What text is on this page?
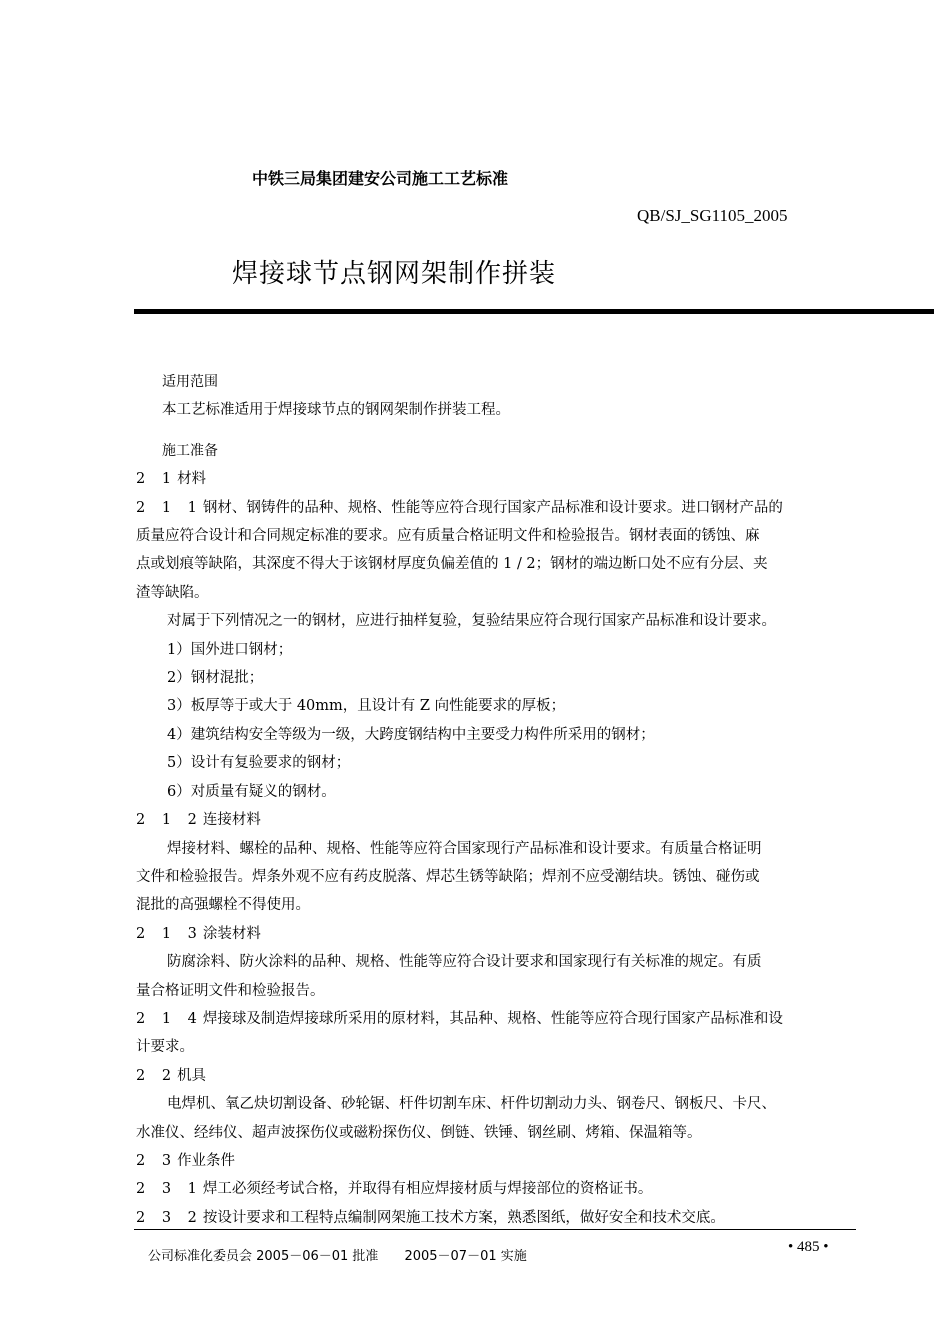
中铁三局集团建安公司施工工艺标准
QB/SJ_SG1105_2005
焊接球节点钢网架制作拼装
适用范围
本工艺标准适用于焊接球节点的钢网架制作拼装工程。
施工准备
2 1材料
2 1 1钢材、钢铸件的品种、规格、性能等应符合现行国家产品标准和设计要求。进口钢材产品的
质量应符合设计和合同规定标准的要求。应有质量合格证明文件和检验报告。钢材表面的锈蚀、麻
点或划痕等缺陷，其深度不得大于该钢材厚度负偏差值的 1 / 2；钢材的端边断口处不应有分层、夹
渣等缺陷。
对属于下列情况之一的钢材，应进行抽样复验，复验结果应符合现行国家产品标准和设计要求。
1）国外进口钢材；
2）钢材混批；
3）板厚等于或大于 40mm，且设计有 Z 向性能要求的厚板；
4）建筑结构安全等级为一级，大跨度钢结构中主要受力构件所采用的钢材；
5）设计有复验要求的钢材；
6）对质量有疑义的钢材。
2 1 2连接材料
焊接材料、螺栓的品种、规格、性能等应符合国家现行产品标准和设计要求。有质量合格证明
文件和检验报告。焊条外观不应有药皮脱落、焊芯生锈等缺陷；焊剂不应受潮结块。锈蚀、碰伤或
混批的高强螺栓不得使用。
2 1 3涂装材料
防腐涂料、防火涂料的品种、规格、性能等应符合设计要求和国家现行有关标准的规定。有质
量合格证明文件和检验报告。
2 1 4焊接球及制造焊接球所采用的原材料，其品种、规格、性能等应符合现行国家产品标准和设
计要求。
2 2机具
电焊机、氧乙炔切割设备、砂轮锯、杆件切割车床、杆件切割动力头、钢卷尺、钢板尺、卡尺、
水准仪、经纬仪、超声波探伤仪或磁粉探伤仪、倒链、铁锤、钢丝刷、烤箱、保温箱等。
2 3作业条件
2 3 1焊工必须经考试合格，并取得有相应焊接材质与焊接部位的资格证书。
2 3 2按设计要求和工程特点编制网架施工技术方案，熟悉图纸，做好安全和技术交底。
公司标准化委员会 2005－06－01 批准 2005－07－01 实施
• 485 •
